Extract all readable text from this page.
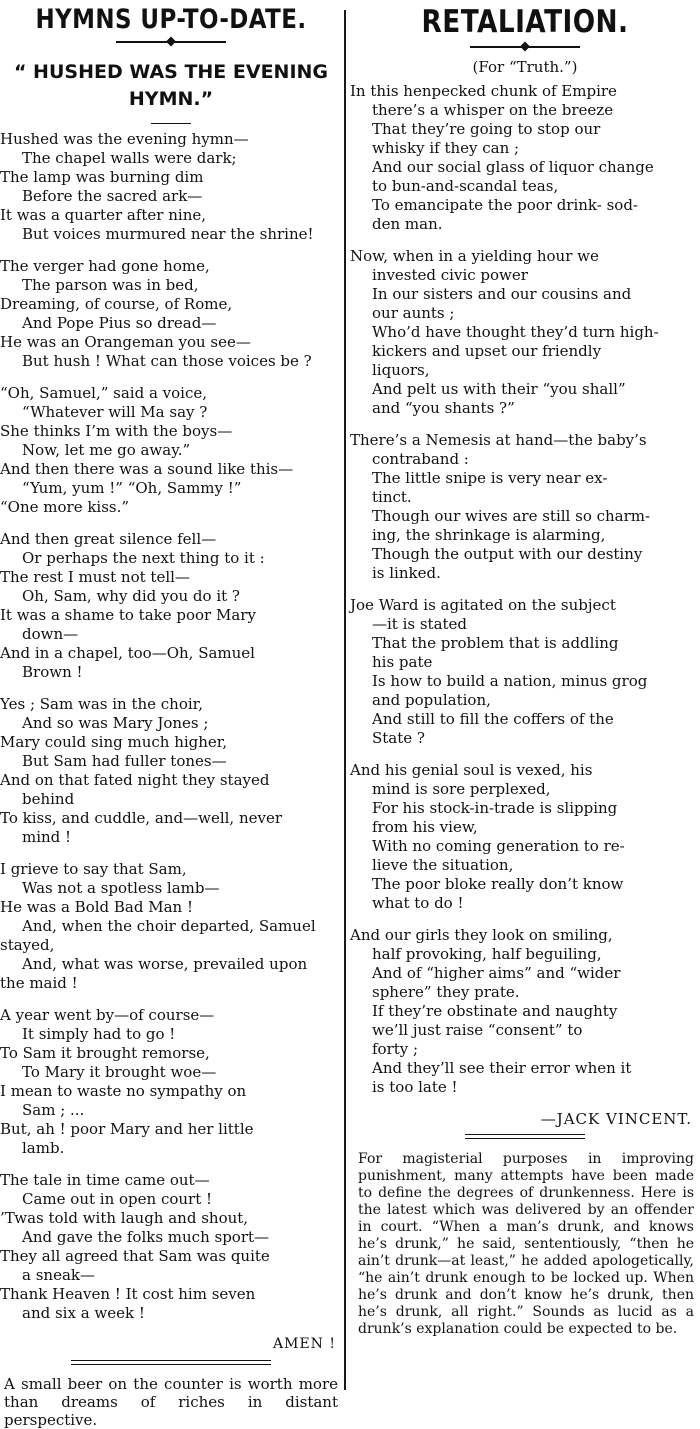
HYMNS UP-TO-DATE.
“ HUSHED WAS THE EVENING HYMN.”
Hushed was the evening hymn—
The chapel walls were dark;
The lamp was burning dim
Before the sacred ark—
It was a quarter after nine,
But voices murmured near the shrine!
The verger had gone home,
The parson was in bed,
Dreaming, of course, of Rome,
And Pope Pius so dread—
He was an Orangeman you see—
But hush ! What can those voices be ?
“Oh, Samuel,” said a voice,
“Whatever will Ma say ?
She thinks I’m with the boys—
Now, let me go away.”
And then there was a sound like this—
“Yum, yum !” “Oh, Sammy !”
“One more kiss.”
And then great silence fell—
Or perhaps the next thing to it :
The rest I must not tell—
Oh, Sam, why did you do it ?
It was a shame to take poor Mary
down—
And in a chapel, too—Oh, Samuel
Brown !
Yes ; Sam was in the choir,
And so was Mary Jones ;
Mary could sing much higher,
But Sam had fuller tones—
And on that fated night they stayed
behind
To kiss, and cuddle, and—well, never
mind !
I grieve to say that Sam,
Was not a spotless lamb—
He was a Bold Bad Man !
And, when the choir departed, Samuel
stayed,
And, what was worse, prevailed upon
the maid !
A year went by—of course—
It simply had to go !
To Sam it brought remorse,
To Mary it brought woe—
I mean to waste no sympathy on
Sam ; ...
But, ah ! poor Mary and her little
lamb.
The tale in time came out—
Came out in open court !
’Twas told with laugh and shout,
And gave the folks much sport—
They all agreed that Sam was quite
a sneak—
Thank Heaven ! It cost him seven
and six a week !
AMEN !
A small beer on the counter is worth more than dreams of riches in distant perspective.
RETALIATION.
(For “Truth.”)
In this henpecked chunk of Empire
there’s a whisper on the breeze
That they’re going to stop our
whisky if they can ;
And our social glass of liquor change
to bun-and-scandal teas,
To emancipate the poor drink- sod-
den man.
Now, when in a yielding hour we
invested civic power
In our sisters and our cousins and
our aunts ;
Who’d have thought they’d turn high-
kickers and upset our friendly
liquors,
And pelt us with their “you shall”
and “you shants ?”
There’s a Nemesis at hand—the baby’s
contraband :
The little snipe is very near ex-
tinct.
Though our wives are still so charm-
ing, the shrinkage is alarming,
Though the output with our destiny
is linked.
Joe Ward is agitated on the subject
—it is stated
That the problem that is addling
his pate
Is how to build a nation, minus grog
and population,
And still to fill the coffers of the
State ?
And his genial soul is vexed, his
mind is sore perplexed,
For his stock-in-trade is slipping
from his view,
With no coming generation to re-
lieve the situation,
The poor bloke really don’t know
what to do !
And our girls they look on smiling,
half provoking, half beguiling,
And of “higher aims” and “wider
sphere” they prate.
If they’re obstinate and naughty
we’ll just raise “consent” to
forty ;
And they’ll see their error when it
is too late !
—JACK VINCENT.
For magisterial purposes in improving punishment, many attempts have been made to define the degrees of drunkenness. Here is the latest which was delivered by an offender in court. “When a man’s drunk, and knows he’s drunk,” he said, sententiously, “then he ain’t drunk—at least,” he added apologetically, “he ain’t drunk enough to be locked up. When he’s drunk and don’t know he’s drunk, then he’s drunk, all right.” Sounds as lucid as a drunk’s explanation could be expected to be.
